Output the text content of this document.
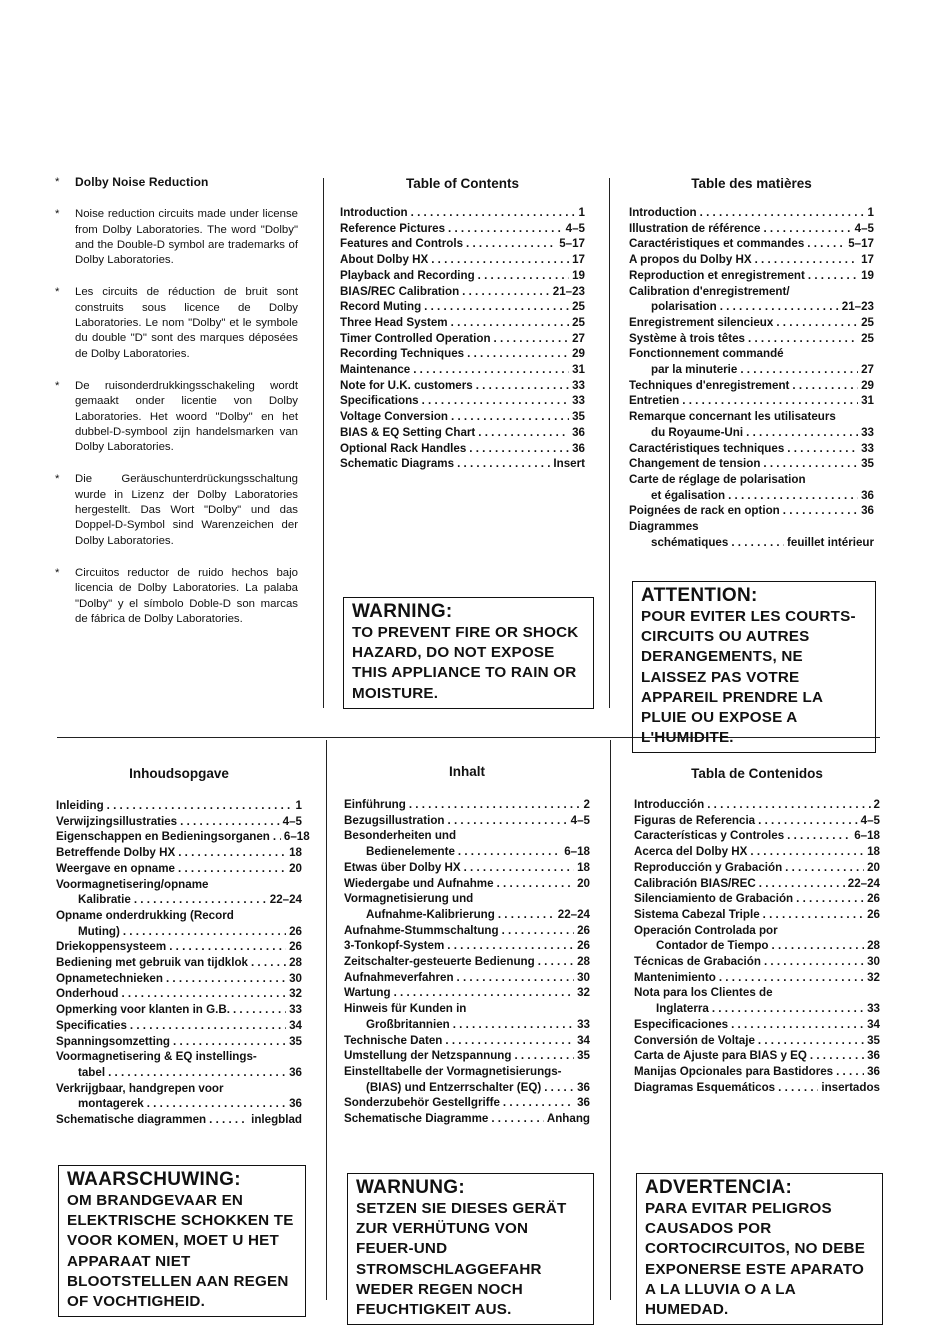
* Dolby Noise Reduction
* Noise reduction circuits made under license from Dolby Laboratories. The word "Dolby" and the Double-D symbol are trademarks of Dolby Laboratories.
* Les circuits de réduction de bruit sont construits sous licence de Dolby Laboratories. Le nom "Dolby" et le symbole du double "D" sont des marques déposées de Dolby Laboratories.
* De ruisonderdrukkingsschakeling wordt gemaakt onder licentie von Dolby Laboratories. Het woord "Dolby" en het dubbel-D-symbool zijn handelsmarken van Dolby Laboratories.
* Die Geräuschunterdrückungsschaltung wurde in Lizenz der Dolby Laboratories hergestellt. Das Wort "Dolby" und das Doppel-D-Symbol sind Warenzeichen der Dolby Laboratories.
* Circuitos reductor de ruido hechos bajo licencia de Dolby Laboratories. La palaba "Dolby" y el símbolo Doble-D son marcas de fábrica de Dolby Laboratories.
Table of Contents
Introduction . . .	1
Reference Pictures . . .	4–5
Features and Controls . . .	5–17
About Dolby HX . . .	17
Playback and Recording . . .	19
BIAS/REC Calibration . . .	21–23
Record Muting . . .	25
Three Head System . . .	25
Timer Controlled Operation . . .	27
Recording Techniques . . .	29
Maintenance . . .	31
Note for U.K. customers . . .	33
Specifications . . .	33
Voltage Conversion . . .	35
BIAS & EQ Setting Chart . . .	36
Optional Rack Handles . . .	36
Schematic Diagrams . . .	Insert
Table des matières
Introduction . . .	1
Illustration de référence . . .	4–5
Caractéristiques et commandes . . .	5–17
A propos du Dolby HX . . .	17
Reproduction et enregistrement . . .	19
Calibration d'enregistrement/
polarisation . . .	21–23
Enregistrement silencieux . . .	25
Système à trois têtes . . .	25
Fonctionnement commandé
par la minuterie . . .	27
Techniques d'enregistrement . . .	29
Entretien . . .	31
Remarque concernant les utilisateurs
du Royaume-Uni . . .	33
Caractéristiques techniques . . .	33
Changement de tension . . .	35
Carte de réglage de polarisation
et égalisation . . .	36
Poignées de rack en option . . .	36
Diagrammes
schématiques . . .	feuillet intérieur
WARNING:
TO PREVENT FIRE OR SHOCK HAZARD, DO NOT EXPOSE THIS APPLIANCE TO RAIN OR MOISTURE.
ATTENTION:
POUR EVITER LES COURTS-CIRCUITS OU AUTRES DERANGEMENTS, NE LAISSEZ PAS VOTRE APPAREIL PRENDRE LA PLUIE OU EXPOSE A L'HUMIDITE.
Inhoudsopgave
Inleiding . . .	1
Verwijzingsillustraties . . .	4–5
Eigenschappen en Bedieningsorganen . . . 6–18
Betreffende Dolby HX . . .	18
Weergave en opname . . .	20
Voormagnetisering/opname
Kalibratie . . .	22–24
Opname onderdrukking (Record
Muting) . . .	26
Driekoppensysteem . . .	26
Bediening met gebruik van tijdklok . . .	28
Opnametechnieken . . .	30
Onderhoud . . .	32
Opmerking voor klanten in G.B. . . .	33
Specificaties . . .	34
Spanningsomzetting . . .	35
Voormagnetisering & EQ instellings-
tabel . . .	36
Verkrijgbaar, handgrepen voor
montagerek . . .	36
Schematische diagrammen . . .	inlegblad
Inhalt
Einführung . . .	2
Bezugsillustration . . .	4–5
Besonderheiten und
Bedienelemente . . .	6–18
Etwas über Dolby HX . . .	18
Wiedergabe und Aufnahme . . .	20
Vormagnetisierung und
Aufnahme-Kalibrierung . . .	22–24
Aufnahme-Stummschaltung . . .	26
3-Tonkopf-System . . .	26
Zeitschalter-gesteuerte Bedienung . . .	28
Aufnahmeverfahren . . .	30
Wartung . . .	32
Hinweis für Kunden in
Großbritannien . . .	33
Technische Daten . . .	34
Umstellung der Netzspannung . . .	35
Einstelltabelle der Vormagnetisierungs-
(BIAS) und Entzerrschalter (EQ) . . .	36
Sonderzubehör Gestellgriffe . . .	36
Schematische Diagramme . . .	Anhang
Tabla de Contenidos
Introducción . . .	2
Figuras de Referencia . . .	4–5
Características y Controles . . .	6–18
Acerca del Dolby HX . . .	18
Reproducción y Grabación . . .	20
Calibración BIAS/REC . . .	22–24
Silenciamiento de Grabación . . .	26
Sistema Cabezal Triple . . .	26
Operación Controlada por
Contador de Tiempo . . .	28
Técnicas de Grabación . . .	30
Mantenimiento . . .	32
Nota para los Clientes de
Inglaterra . . .	33
Especificaciones . . .	34
Conversión de Voltaje . . .	35
Carta de Ajuste para BIAS y EQ . . .	36
Manijas Opcionales para Bastidores . . .	36
Diagramas Esquemáticos . . .	insertados
WAARSCHUWING:
OM BRANDGEVAAR EN ELEKTRISCHE SCHOKKEN TE VOOR KOMEN, MOET U HET APPARAAT NIET BLOOTSTELLEN AAN REGEN OF VOCHTIGHEID.
WARNUNG:
SETZEN SIE DIESES GERÄT ZUR VERHÜTUNG VON FEUER-UND STROMSCHLAGGEFAHR WEDER REGEN NOCH FEUCHTIGKEIT AUS.
ADVERTENCIA:
PARA EVITAR PELIGROS CAUSADOS POR CORTOCIRCUITOS, NO DEBE EXPONERSE ESTE APARATO A LA LLUVIA O A LA HUMEDAD.
